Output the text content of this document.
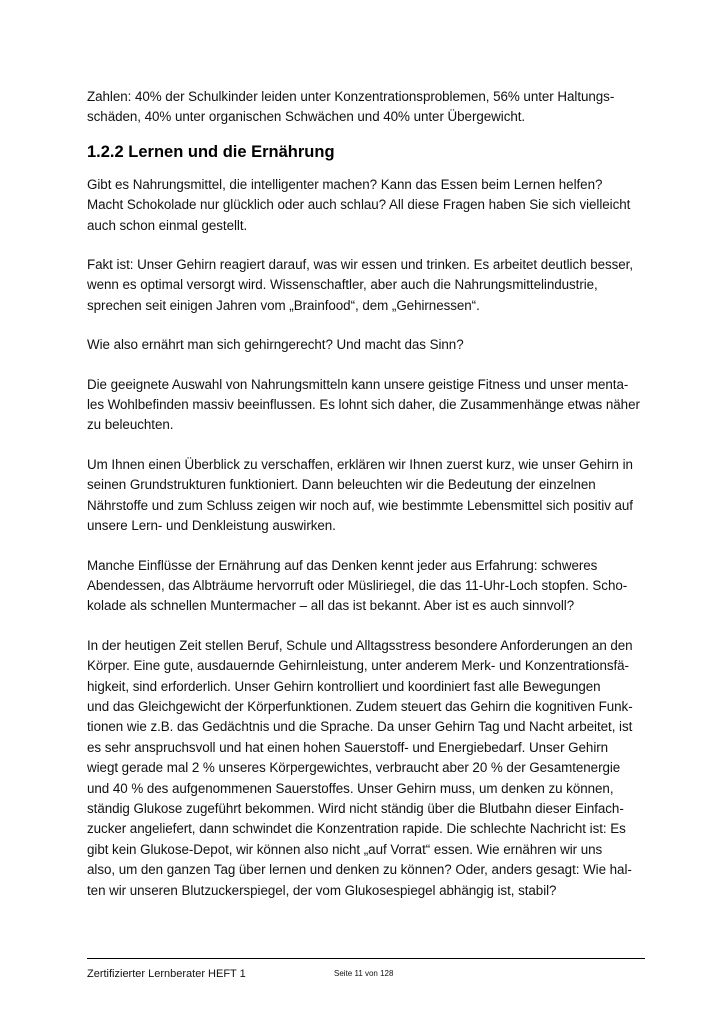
Zahlen: 40% der Schulkinder leiden unter Konzentrationsproblemen, 56% unter Haltungs-
schäden, 40% unter organischen Schwächen und 40% unter Übergewicht.

1.2.2 Lernen und die Ernährung

Gibt es Nahrungsmittel, die intelligenter machen? Kann das Essen beim Lernen helfen?
Macht Schokolade nur glücklich oder auch schlau? All diese Fragen haben Sie sich vielleicht
auch schon einmal gestellt.

Fakt ist: Unser Gehirn reagiert darauf, was wir essen und trinken. Es arbeitet deutlich besser,
wenn es optimal versorgt wird. Wissenschaftler, aber auch die Nahrungsmittelindustrie,
sprechen seit einigen Jahren vom „Brainfood“, dem „Gehirnessen“.

Wie also ernährt man sich gehirngerecht? Und macht das Sinn?

Die geeignete Auswahl von Nahrungsmitteln kann unsere geistige Fitness und unser menta-
les Wohlbefinden massiv beeinflussen. Es lohnt sich daher, die Zusammenhänge etwas näher
zu beleuchten.

Um Ihnen einen Überblick zu verschaffen, erklären wir Ihnen zuerst kurz, wie unser Gehirn in
seinen Grundstrukturen funktioniert. Dann beleuchten wir die Bedeutung der einzelnen
Nährstoffe und zum Schluss zeigen wir noch auf, wie bestimmte Lebensmittel sich positiv auf
unsere Lern- und Denkleistung auswirken.

Manche Einflüsse der Ernährung auf das Denken kennt jeder aus Erfahrung: schweres
Abendessen, das Albträume hervorruft oder Müsliriegel, die das 11-Uhr-Loch stopfen. Scho-
kolade als schnellen Muntermacher – all das ist bekannt. Aber ist es auch sinnvoll?

In der heutigen Zeit stellen Beruf, Schule und Alltagsstress besondere Anforderungen an den
Körper. Eine gute, ausdauernde Gehirnleistung, unter anderem Merk- und Konzentrationsfä-
higkeit, sind erforderlich. Unser Gehirn kontrolliert und koordiniert fast alle Bewegungen
und das Gleichgewicht der Körperfunktionen. Zudem steuert das Gehirn die kognitiven Funk-
tionen wie z.B. das Gedächtnis und die Sprache. Da unser Gehirn Tag und Nacht arbeitet, ist
es sehr anspruchsvoll und hat einen hohen Sauerstoff- und Energiebedarf. Unser Gehirn
wiegt gerade mal 2 % unseres Körpergewichtes, verbraucht aber 20 % der Gesamtenergie
und 40 % des aufgenommenen Sauerstoffes. Unser Gehirn muss, um denken zu können,
ständig Glukose zugeführt bekommen. Wird nicht ständig über die Blutbahn dieser Einfach-
zucker angeliefert, dann schwindet die Konzentration rapide. Die schlechte Nachricht ist: Es
gibt kein Glukose-Depot, wir können also nicht „auf Vorrat“ essen. Wie ernähren wir uns
also, um den ganzen Tag über lernen und denken zu können? Oder, anders gesagt: Wie hal-
ten wir unseren Blutzuckerspiegel, der vom Glukosespiegel abhängig ist, stabil?

Zertifizierter Lernberater HEFT 1	Seite 11 von 128
